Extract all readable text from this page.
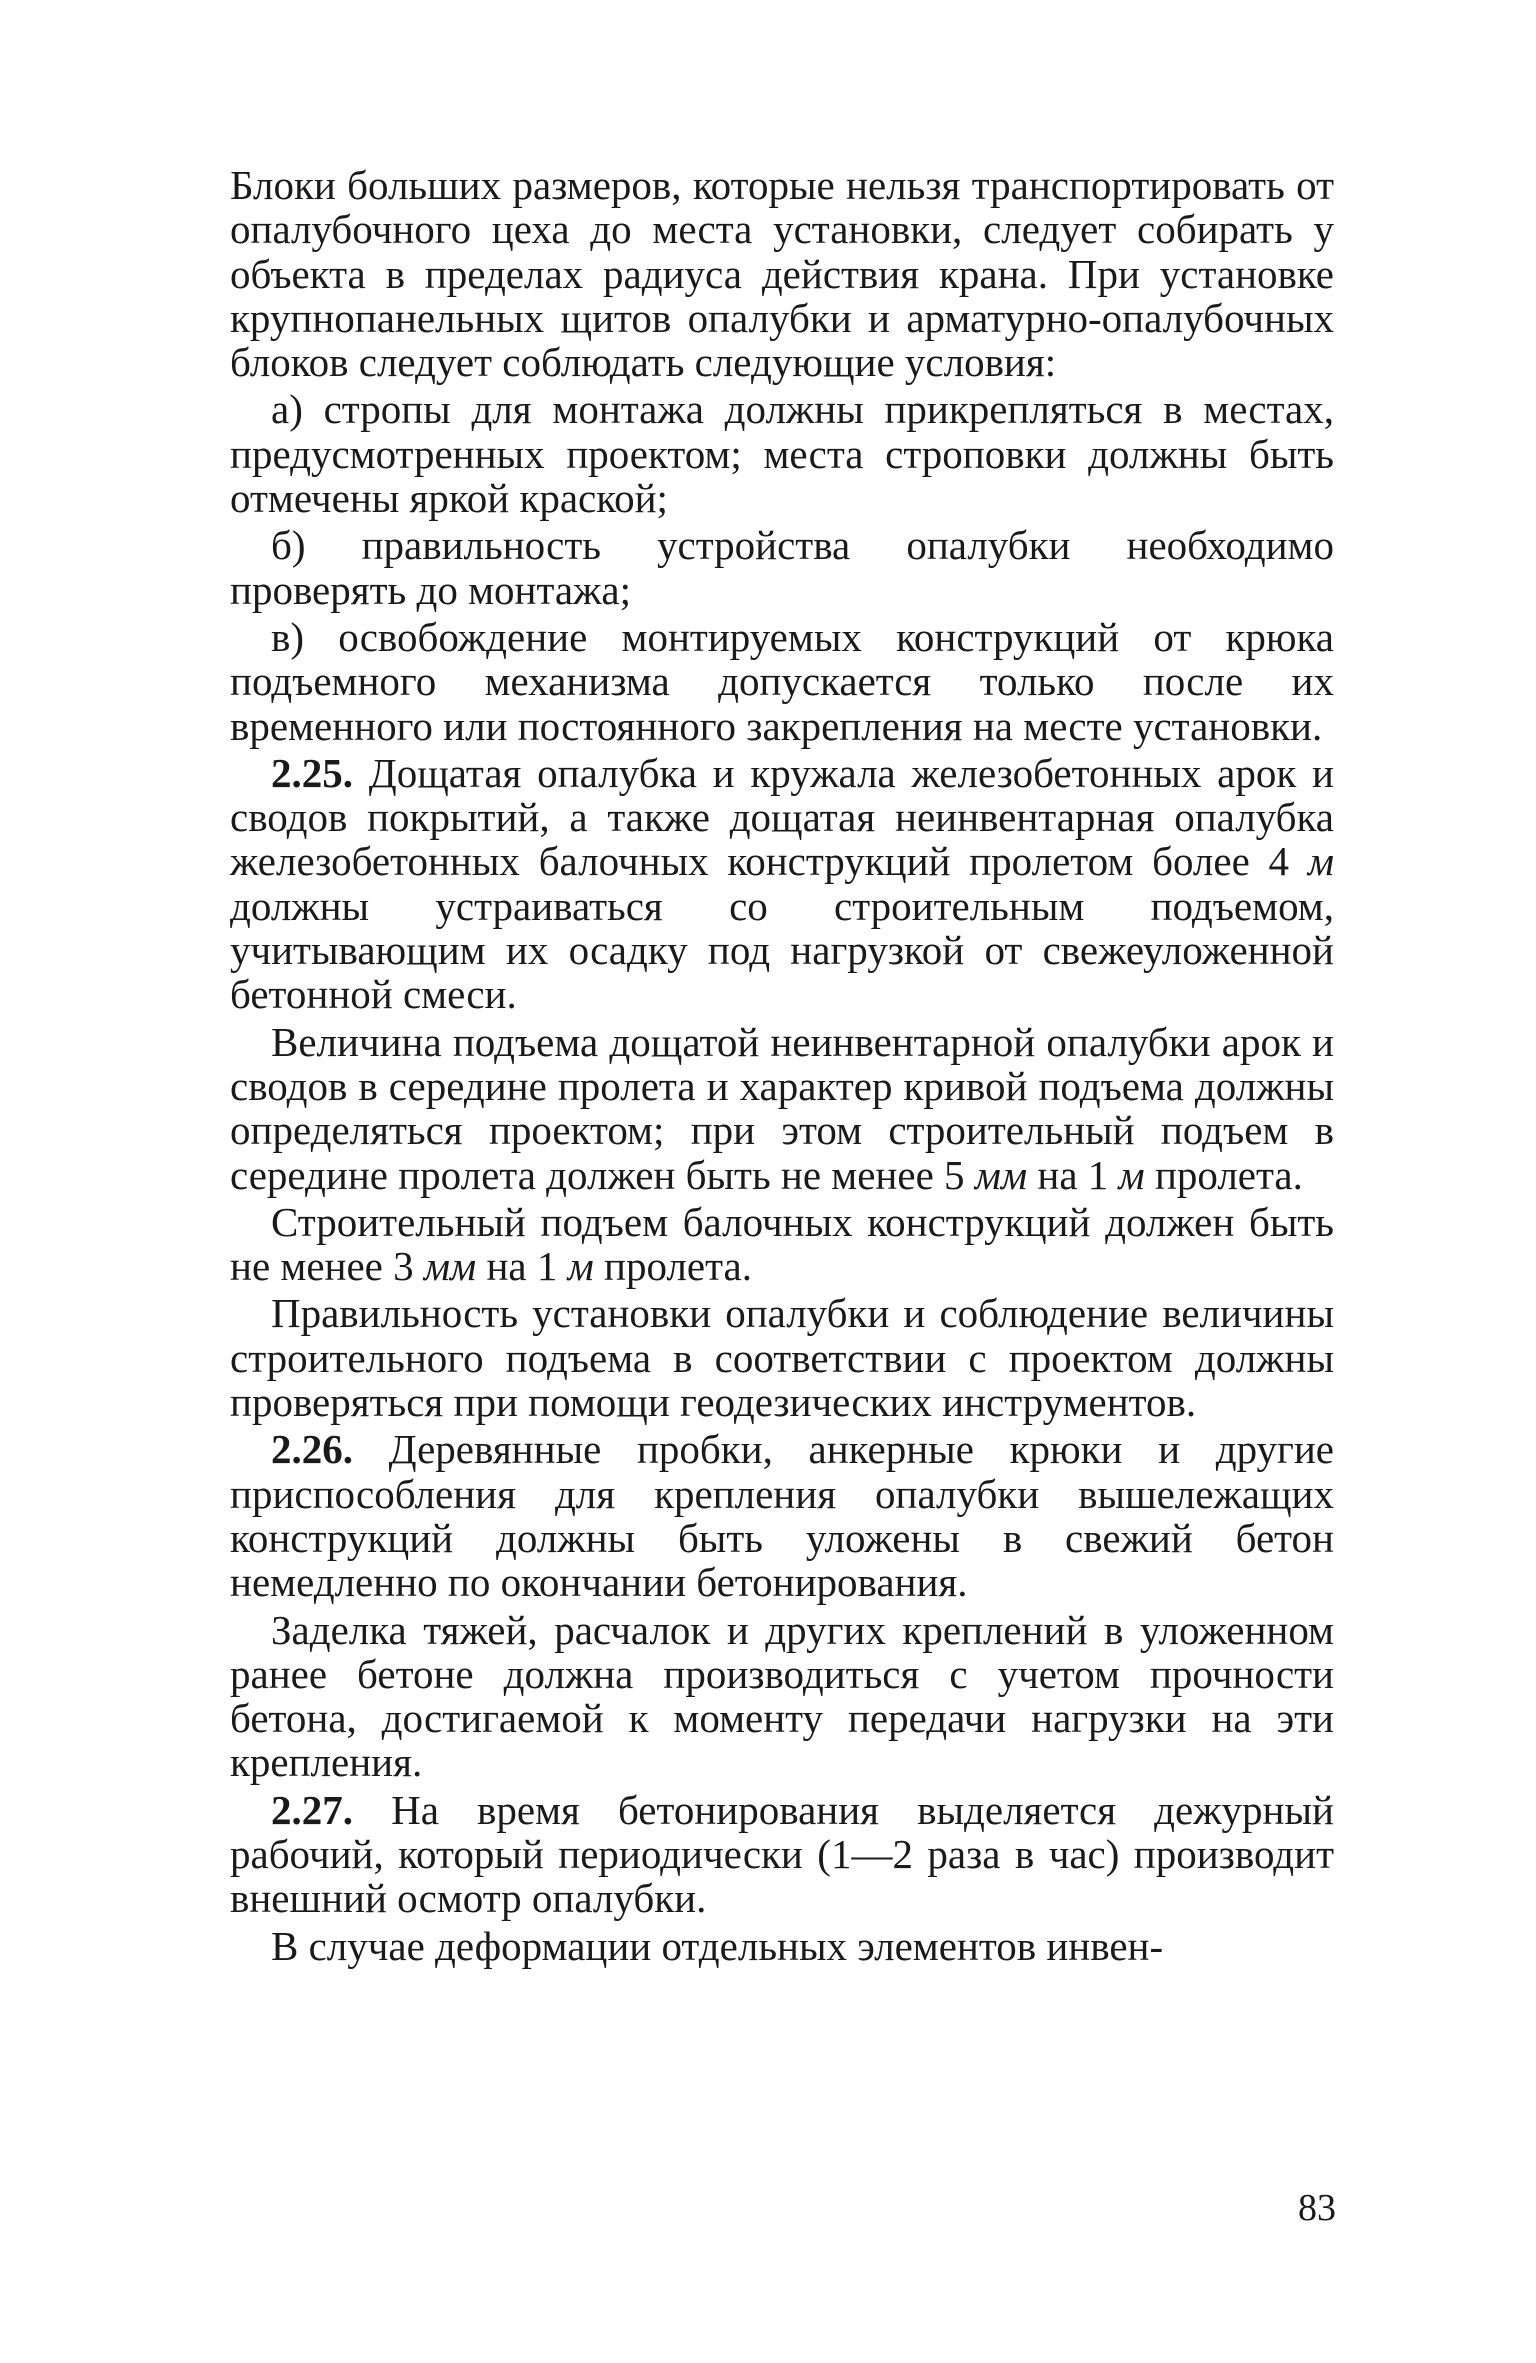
Блоки больших размеров, которые нельзя транспортировать от опалубочного цеха до места установки, следует собирать у объекта в пределах радиуса действия крана. При установке крупнопанельных щитов опалубки и арматурно-опалубочных блоков следует соблюдать следующие условия:

а) стропы для монтажа должны прикрепляться в местах, предусмотренных проектом; места строповки должны быть отмечены яркой краской;

б) правильность устройства опалубки необходимо проверять до монтажа;

в) освобождение монтируемых конструкций от крюка подъемного механизма допускается только после их временного или постоянного закрепления на месте установки.

2.25. Дощатая опалубка и кружала железобетонных арок и сводов покрытий, а также дощатая неинвентарная опалубка железобетонных балочных конструкций пролетом более 4 м должны устраиваться со строительным подъемом, учитывающим их осадку под нагрузкой от свежеуложенной бетонной смеси.

Величина подъема дощатой неинвентарной опалубки арок и сводов в середине пролета и характер кривой подъема должны определяться проектом; при этом строительный подъем в середине пролета должен быть не менее 5 мм на 1 м пролета.

Строительный подъем балочных конструкций должен быть не менее 3 мм на 1 м пролета.

Правильность установки опалубки и соблюдение величины строительного подъема в соответствии с проектом должны проверяться при помощи геодезических инструментов.

2.26. Деревянные пробки, анкерные крюки и другие приспособления для крепления опалубки вышележащих конструкций должны быть уложены в свежий бетон немедленно по окончании бетонирования.

Заделка тяжей, расчалок и других креплений в уложенном ранее бетоне должна производиться с учетом прочности бетона, достигаемой к моменту передачи нагрузки на эти крепления.

2.27. На время бетонирования выделяется дежурный рабочий, который периодически (1—2 раза в час) производит внешний осмотр опалубки.

В случае деформации отдельных элементов инвен-

83
